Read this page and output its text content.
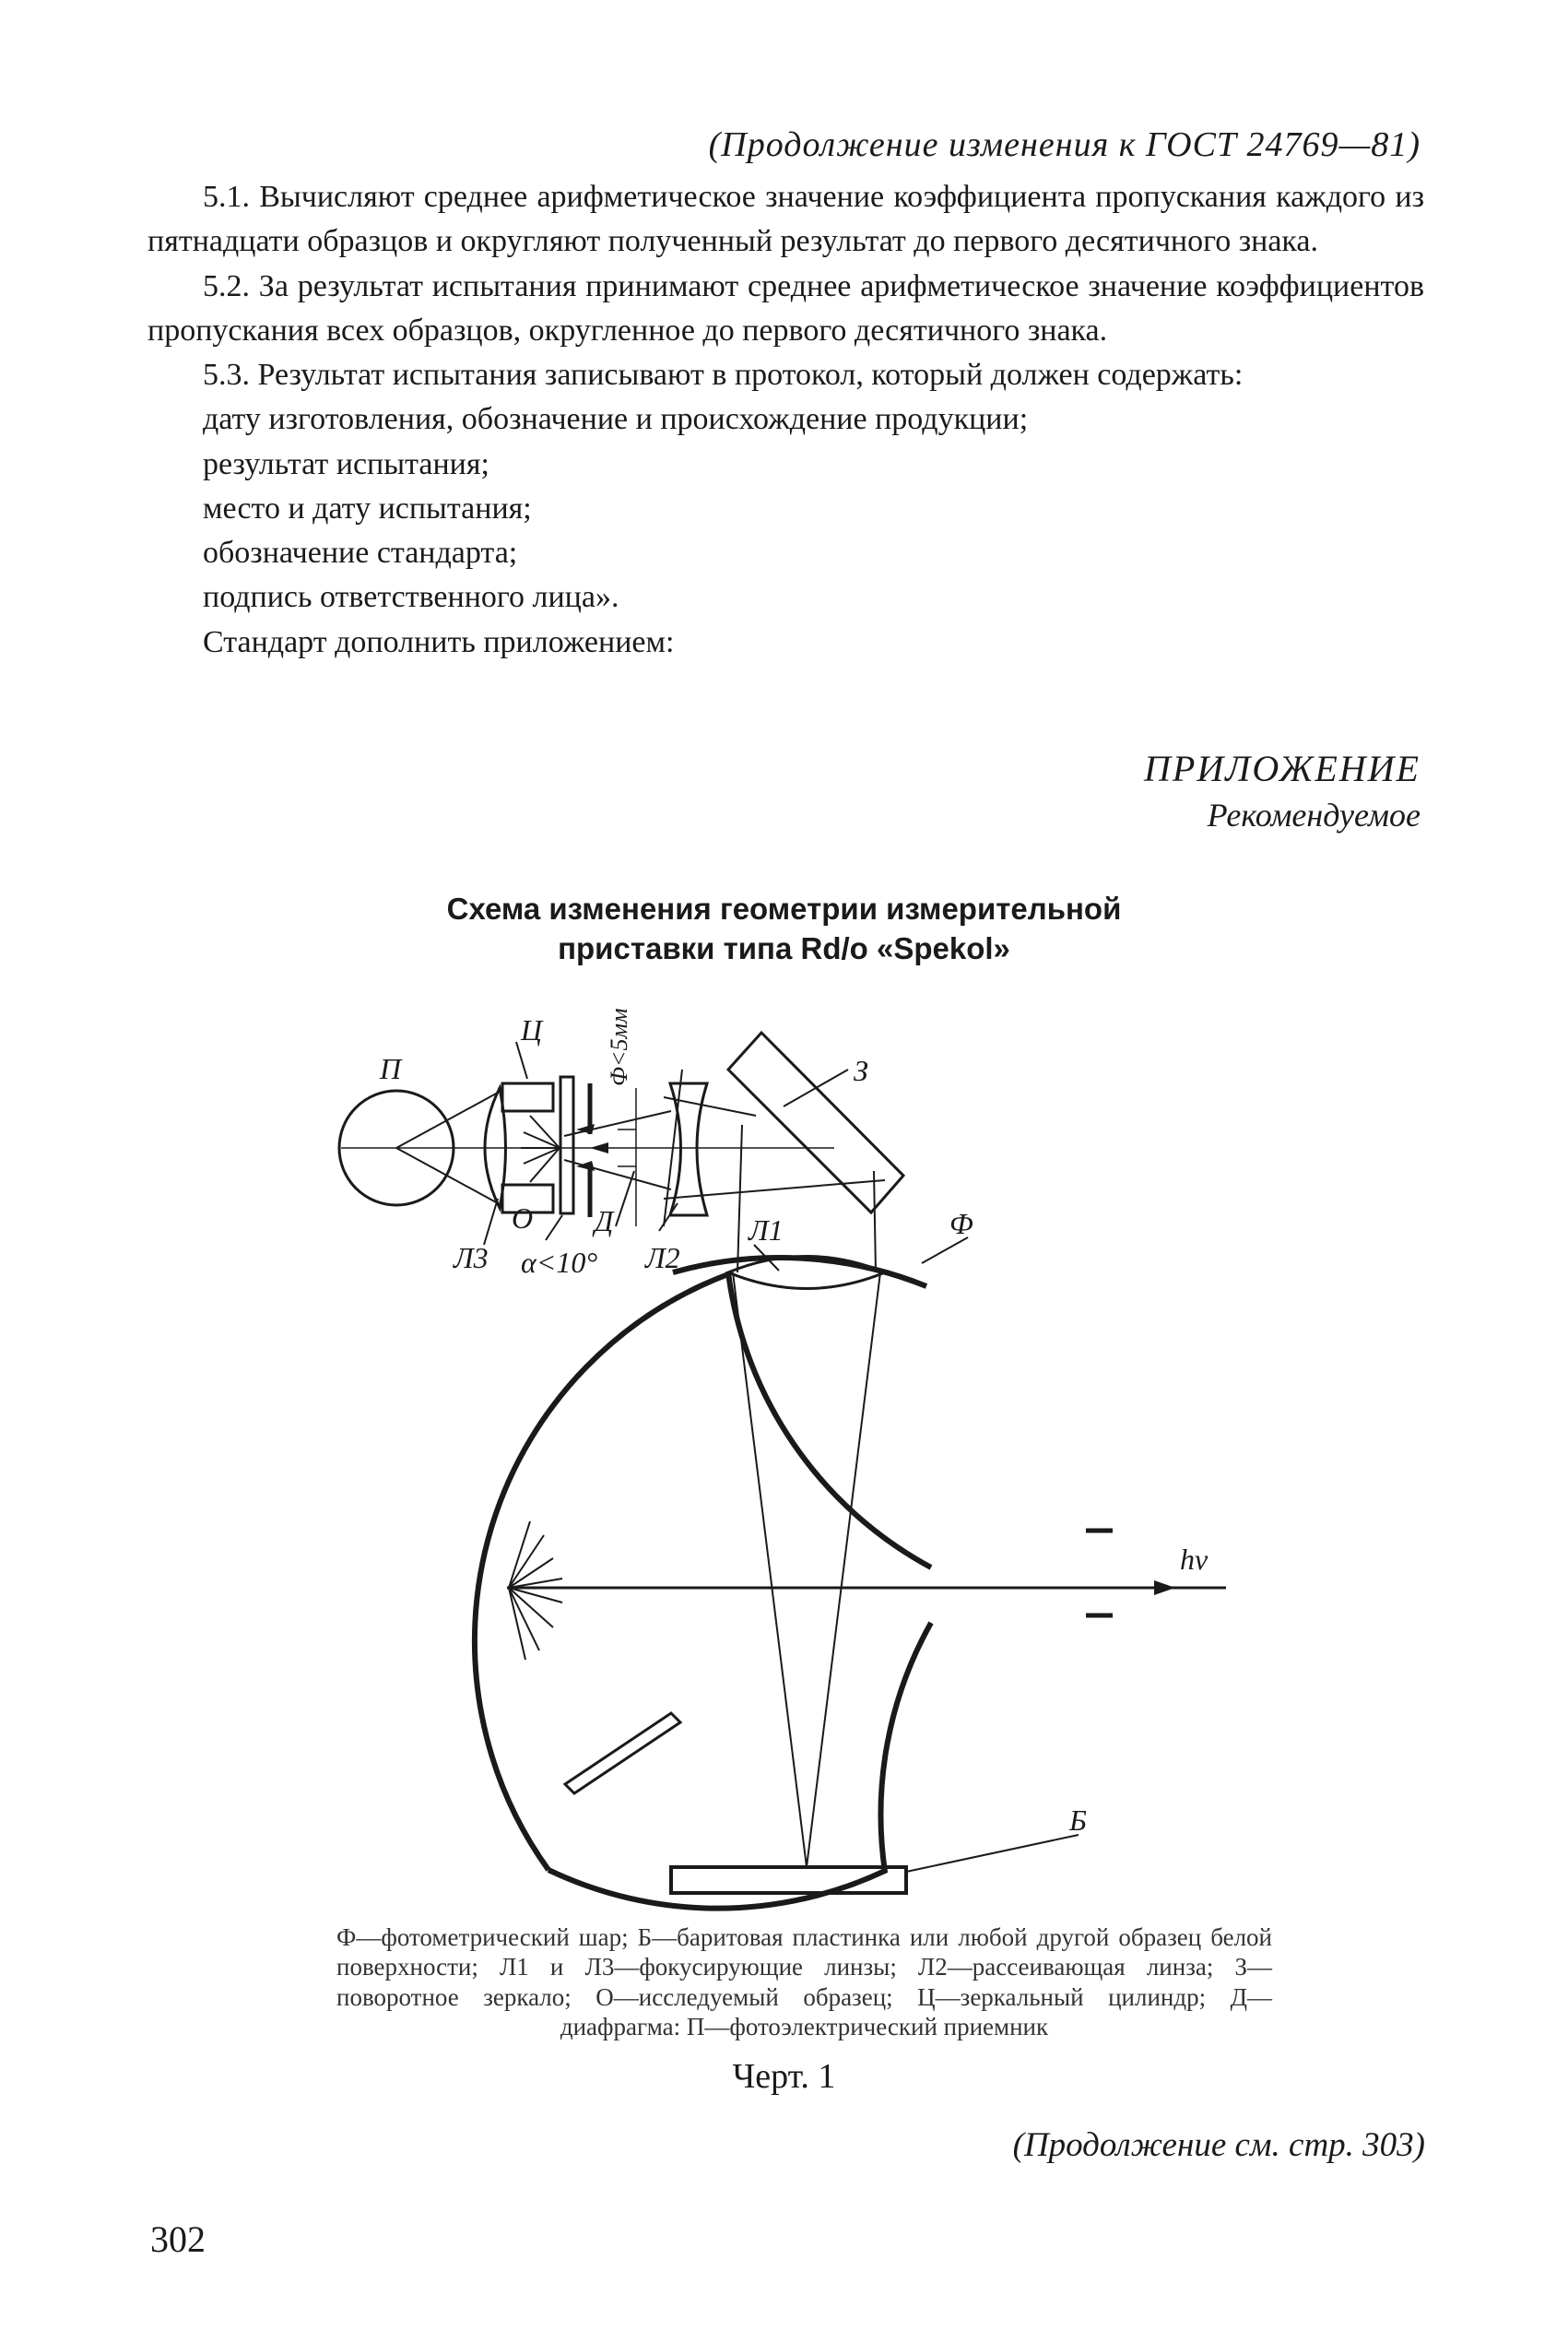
(Продолжение изменения к ГОСТ 24769—81)

5.1. Вычисляют среднее арифметическое значение коэффициента пропускания каждого из пятнадцати образцов и округляют полученный результат до первого десятичного знака.

5.2. За результат испытания принимают среднее арифметическое значение коэффициентов пропускания всех образцов, округленное до первого десятичного знака.

5.3. Результат испытания записывают в протокол, который должен содержать:

дату изготовления, обозначение и происхождение продукции;

результат испытания;

место и дату испытания;

обозначение стандарта;

подпись ответственного лица».

Стандарт дополнить приложением:

ПРИЛОЖЕНИЕ
Рекомендуемое
Схема изменения геометрии измерительной
приставки типа Rd/o «Spekol»
П
Ц	Ф<5мм	З
О Д
Л3 α<10° Л2
Л1	Ф
hν
Б
Ф—фотометрический шар; Б—баритовая пластинка или любой другой образец белой поверхности; Л1 и Л3—фокусирующие линзы; Л2—рассеивающая линза; З—поворотное зеркало; О—исследуемый образец; Ц—зеркальный цилиндр; Д—диафрагма: П—фотоэлектрический приемник
Черт. 1
(Продолжение см. стр. 303)
302
